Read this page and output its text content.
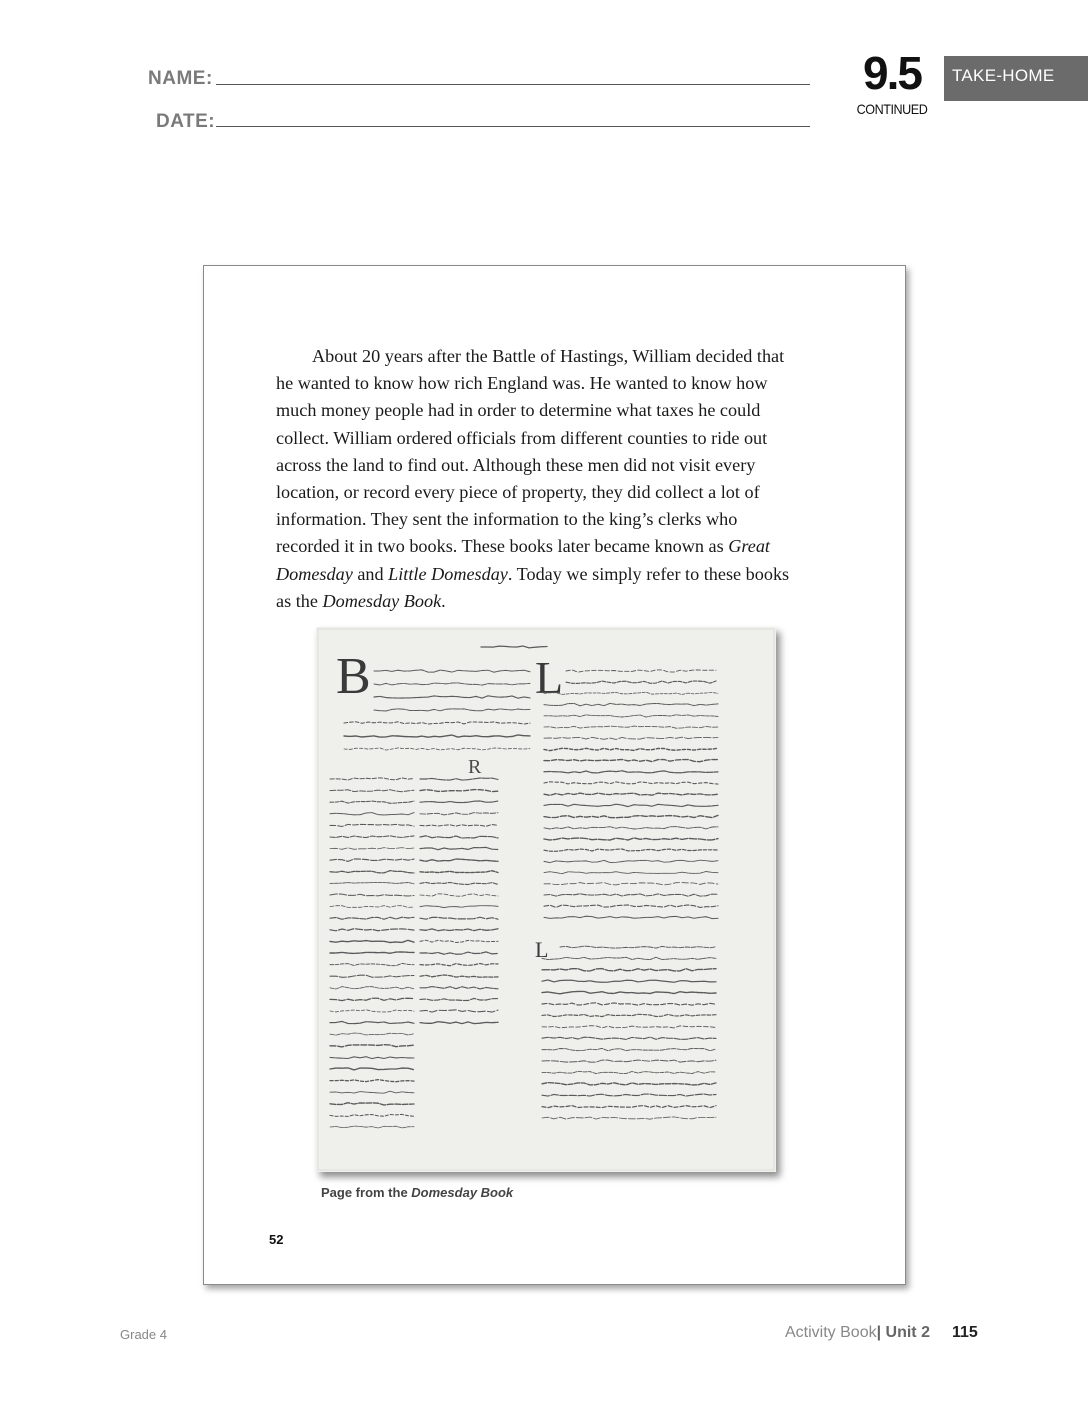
NAME:
DATE:
9.5
CONTINUED
TAKE-HOME

About 20 years after the Battle of Hastings, William decided that
he wanted to know how rich England was. He wanted to know how
much money people had in order to determine what taxes he could
collect. William ordered officials from different counties to ride out
across the land to find out. Although these men did not visit every
location, or record every piece of property, they did collect a lot of
information. They sent the information to the king’s clerks who
recorded it in two books. These books later became known as Great
Domesday and Little Domesday. Today we simply refer to these books
as the Domesday Book.

B	L
R
L
Page from the Domesday Book
52
Grade 4	Activity Book| Unit 2 115
